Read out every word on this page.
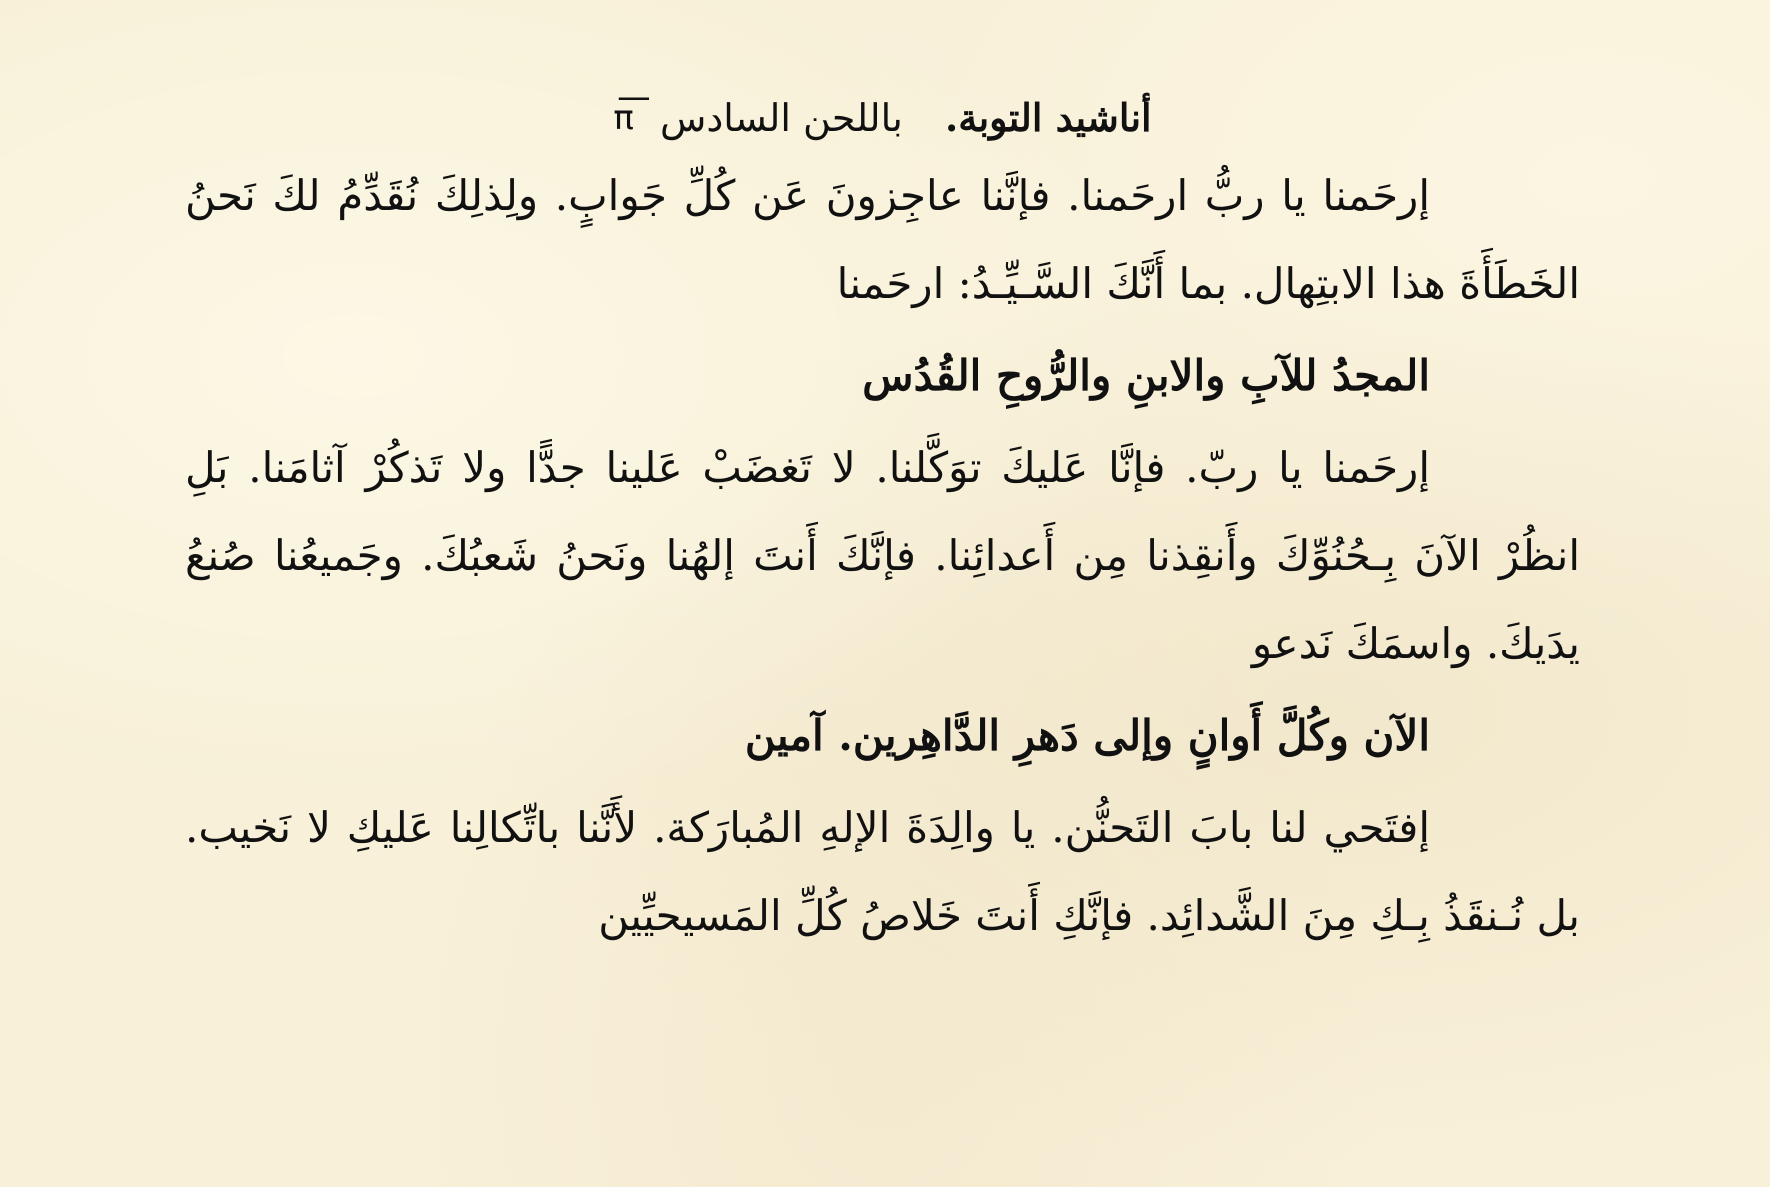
أناشيد التوبة.  باللحن السادس π͞
إرحَمنا يا ربُّ ارحَمنا. فإنَّنا عاجِزونَ عَن كُلِّ جَوابٍ. ولِذلِكَ نُقَدِّمُ لكَ نَحنُ الخَطَأَةَ هذا الابتِهال. بما أَنَّكَ السَّـيِّـدُ: ارحَمنا
المجدُ للآبِ والابنِ والرُّوحِ القُدُس
إرحَمنا يا ربّ. فإنَّا عَليكَ توَكَّلنا. لا تَغضَبْ عَلينا جدًّا ولا تَذكُرْ آثامَنا. بَلِ انظُرْ الآنَ بِـحُنُوِّكَ وأَنقِذنا مِن أَعدائِنا. فإنَّكَ أَنتَ إلهُنا ونَحنُ شَعبُكَ. وجَميعُنا صُنعُ يدَيكَ. واسمَكَ نَدعو
الآن وكُلَّ أَوانٍ وإلى دَهرِ الدَّاهِرين. آمين
إفتَحي لنا بابَ التَحنُّن. يا والِدَةَ الإلهِ المُبارَكة. لأَنَّنا باتِّكالِنا عَليكِ لا نَخيب. بل نُـنقَذُ بِـكِ مِنَ الشَّدائِد. فإنَّكِ أَنتَ خَلاصُ كُلِّ المَسيحيِّين
